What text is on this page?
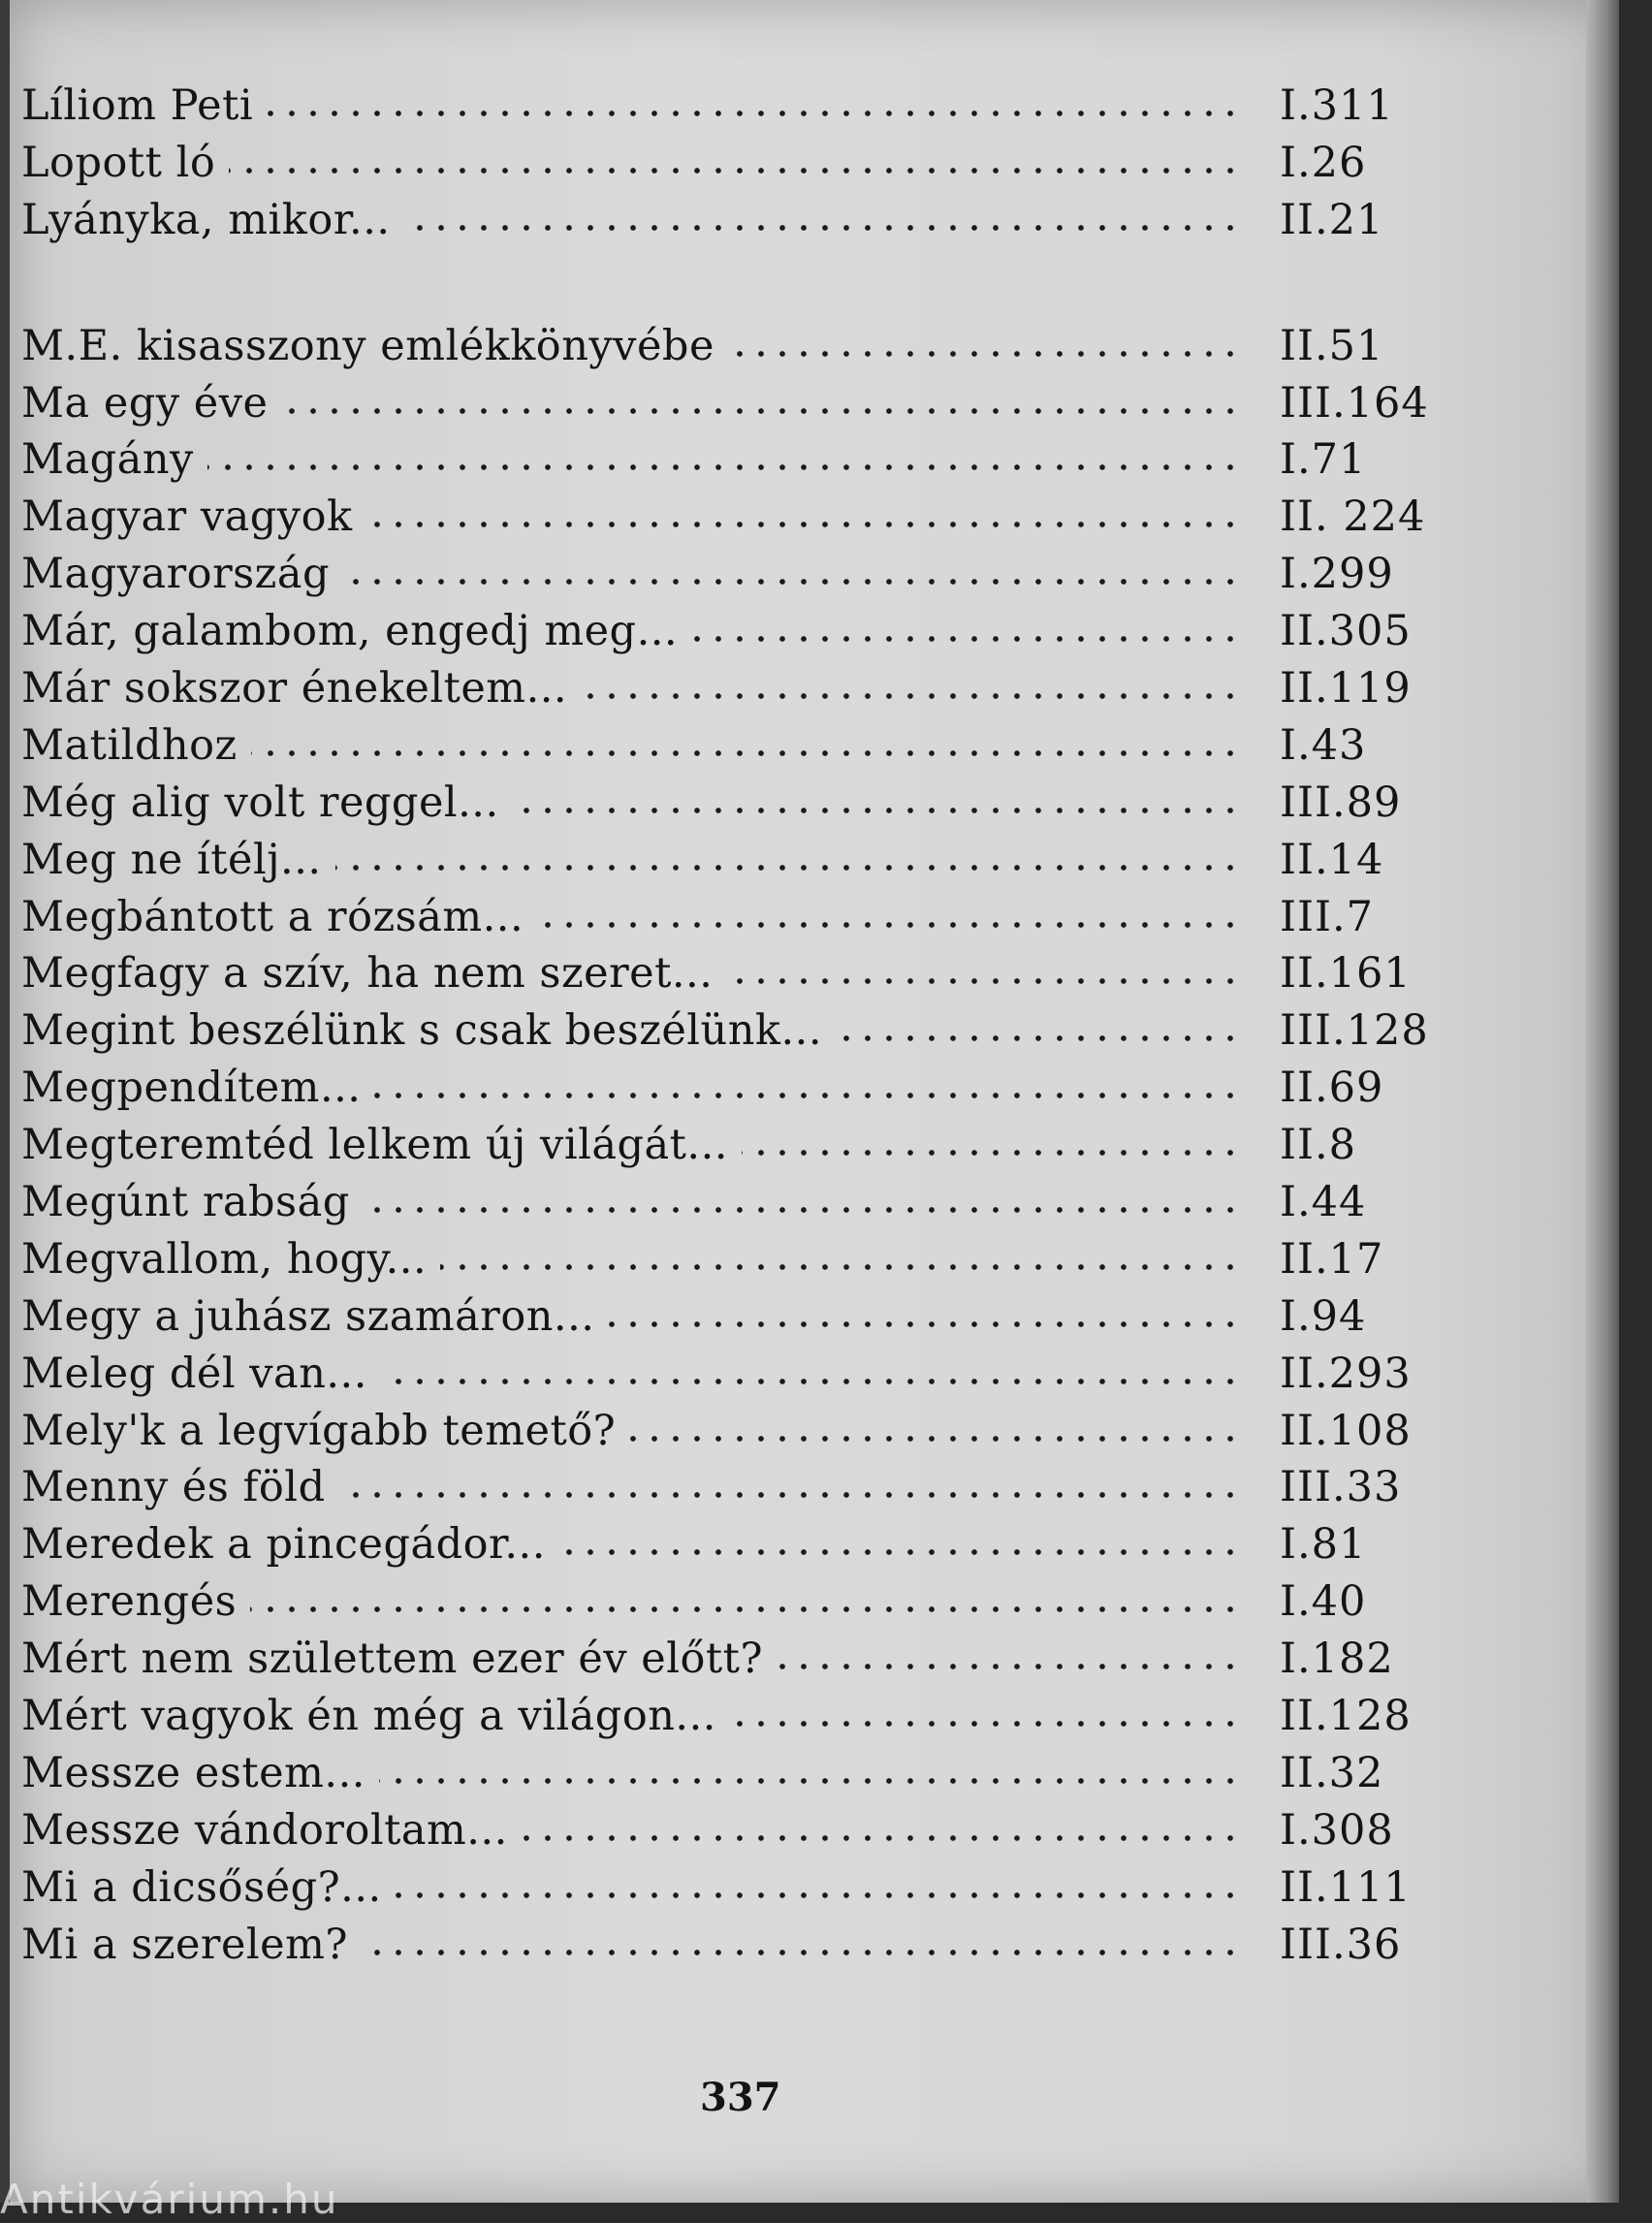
Líliom Peti	I.311
Lopott ló	I.26
Lyányka, mikor...	II.21
M.E. kisasszony emlékkönyvébe	II.51
Ma egy éve	III.164
Magány	I.71
Magyar vagyok	II. 224
Magyarország	I.299
Már, galambom, engedj meg...	II.305
Már sokszor énekeltem...	II.119
Matildhoz	I.43
Még alig volt reggel...	III.89
Meg ne ítélj...	II.14
Megbántott a rózsám...	III.7
Megfagy a szív, ha nem szeret...	II.161
Megint beszélünk s csak beszélünk...	III.128
Megpendítem...	II.69
Megteremtéd lelkem új világát...	II.8
Megúnt rabság	I.44
Megvallom, hogy...	II.17
Megy a juhász szamáron...	I.94
Meleg dél van...	II.293
Mely'k a legvígabb temető?	II.108
Menny és föld	III.33
Meredek a pincegádor...	I.81
Merengés	I.40
Mért nem születtem ezer év előtt?	I.182
Mért vagyok én még a világon...	II.128
Messze estem...	II.32
Messze vándoroltam...	I.308
Mi a dicsőség?...	II.111
Mi a szerelem?	III.36
337
Antikvárium.hu
